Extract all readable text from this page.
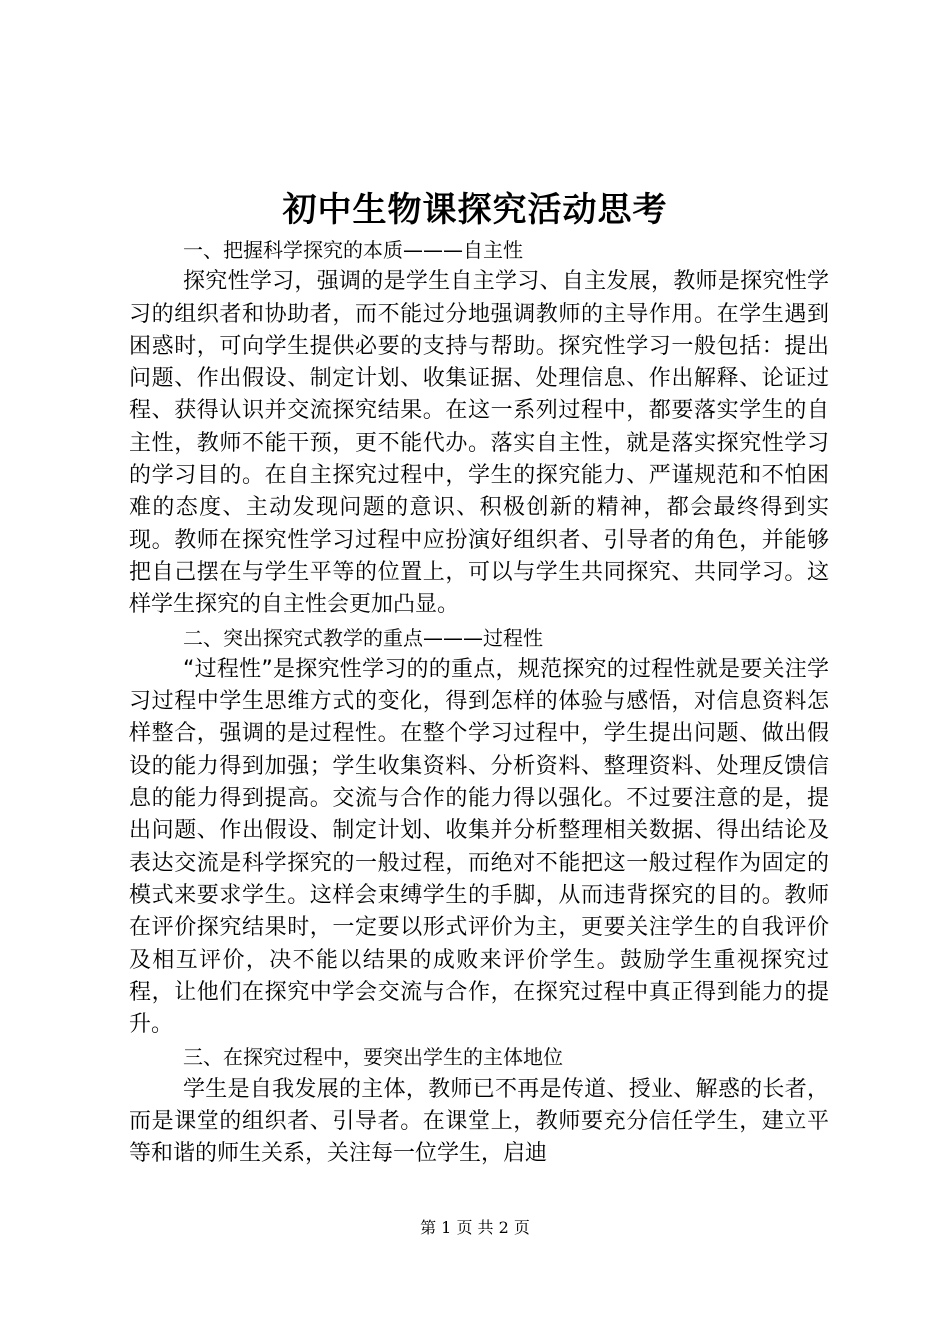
初中生物课探究活动思考
一、把握科学探究的本质———自主性

探究性学习，强调的是学生自主学习、自主发展，教师是探究性学习的组织者和协助者，而不能过分地强调教师的主导作用。在学生遇到困惑时，可向学生提供必要的支持与帮助。探究性学习一般包括：提出问题、作出假设、制定计划、收集证据、处理信息、作出解释、论证过程、获得认识并交流探究结果。在这一系列过程中，都要落实学生的自主性，教师不能干预，更不能代办。落实自主性，就是落实探究性学习的学习目的。在自主探究过程中，学生的探究能力、严谨规范和不怕困难的态度、主动发现问题的意识、积极创新的精神，都会最终得到实现。教师在探究性学习过程中应扮演好组织者、引导者的角色，并能够把自己摆在与学生平等的位置上，可以与学生共同探究、共同学习。这样学生探究的自主性会更加凸显。

二、突出探究式教学的重点———过程性

“过程性”是探究性学习的的重点，规范探究的过程性就是要关注学习过程中学生思维方式的变化，得到怎样的体验与感悟，对信息资料怎样整合，强调的是过程性。在整个学习过程中，学生提出问题、做出假设的能力得到加强；学生收集资料、分析资料、整理资料、处理反馈信息的能力得到提高。交流与合作的能力得以强化。不过要注意的是，提出问题、作出假设、制定计划、收集并分析整理相关数据、得出结论及表达交流是科学探究的一般过程，而绝对不能把这一般过程作为固定的模式来要求学生。这样会束缚学生的手脚，从而违背探究的目的。教师在评价探究结果时，一定要以形式评价为主，更要关注学生的自我评价及相互评价，决不能以结果的成败来评价学生。鼓励学生重视探究过程，让他们在探究中学会交流与合作，在探究过程中真正得到能力的提升。

三、在探究过程中，要突出学生的主体地位

学生是自我发展的主体，教师已不再是传道、授业、解惑的长者，而是课堂的组织者、引导者。在课堂上，教师要充分信任学生，建立平等和谐的师生关系，关注每一位学生，启迪

第 1 页 共 2 页
